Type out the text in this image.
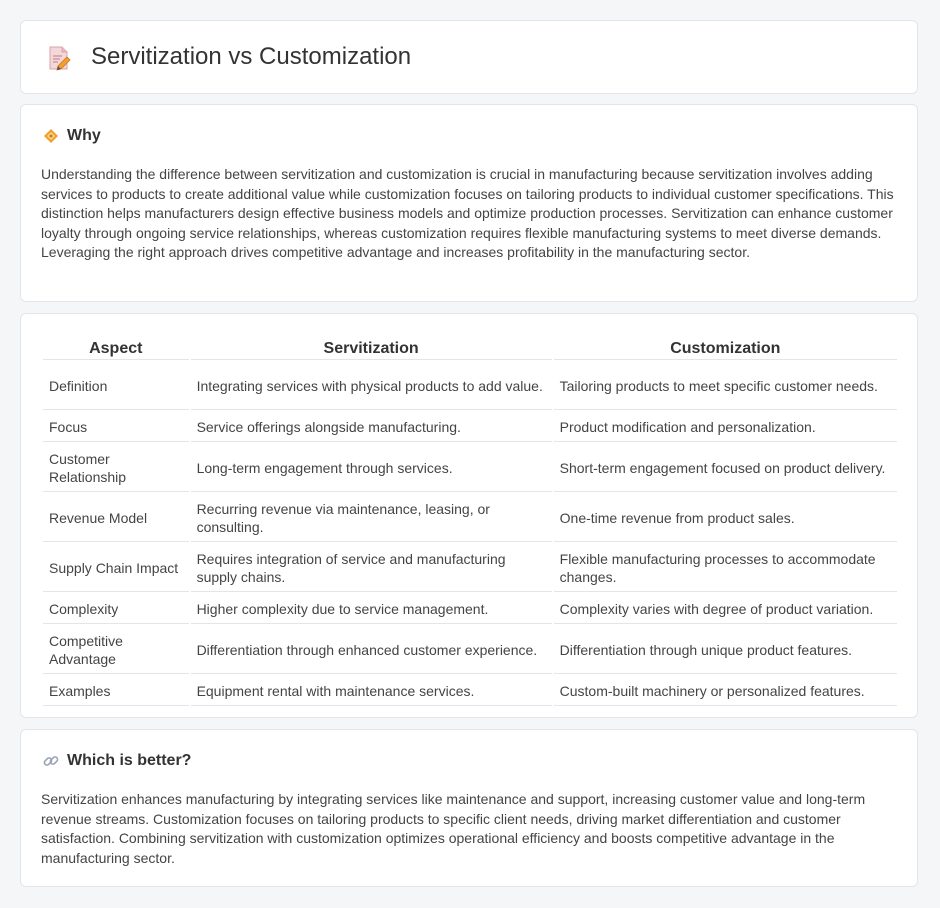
Servitization vs Customization
Why

Understanding the difference between servitization and customization is crucial in manufacturing because servitization involves adding services to products to create additional value while customization focuses on tailoring products to individual customer specifications. This distinction helps manufacturers design effective business models and optimize production processes. Servitization can enhance customer loyalty through ongoing service relationships, whereas customization requires flexible manufacturing systems to meet diverse demands. Leveraging the right approach drives competitive advantage and increases profitability in the manufacturing sector.

Aspect	Servitization	Customization
Definition	Integrating services with physical products to add value.	Tailoring products to meet specific customer needs.
Focus	Service offerings alongside manufacturing.	Product modification and personalization.
Customer Relationship	Long-term engagement through services.	Short-term engagement focused on product delivery.
Revenue Model	Recurring revenue via maintenance, leasing, or consulting.	One-time revenue from product sales.
Supply Chain Impact	Requires integration of service and manufacturing supply chains.	Flexible manufacturing processes to accommodate changes.
Complexity	Higher complexity due to service management.	Complexity varies with degree of product variation.
Competitive Advantage	Differentiation through enhanced customer experience.	Differentiation through unique product features.
Examples	Equipment rental with maintenance services.	Custom-built machinery or personalized features.
Which is better?

Servitization enhances manufacturing by integrating services like maintenance and support, increasing customer value and long-term revenue streams. Customization focuses on tailoring products to specific client needs, driving market differentiation and customer satisfaction. Combining servitization with customization optimizes operational efficiency and boosts competitive advantage in the manufacturing sector.
